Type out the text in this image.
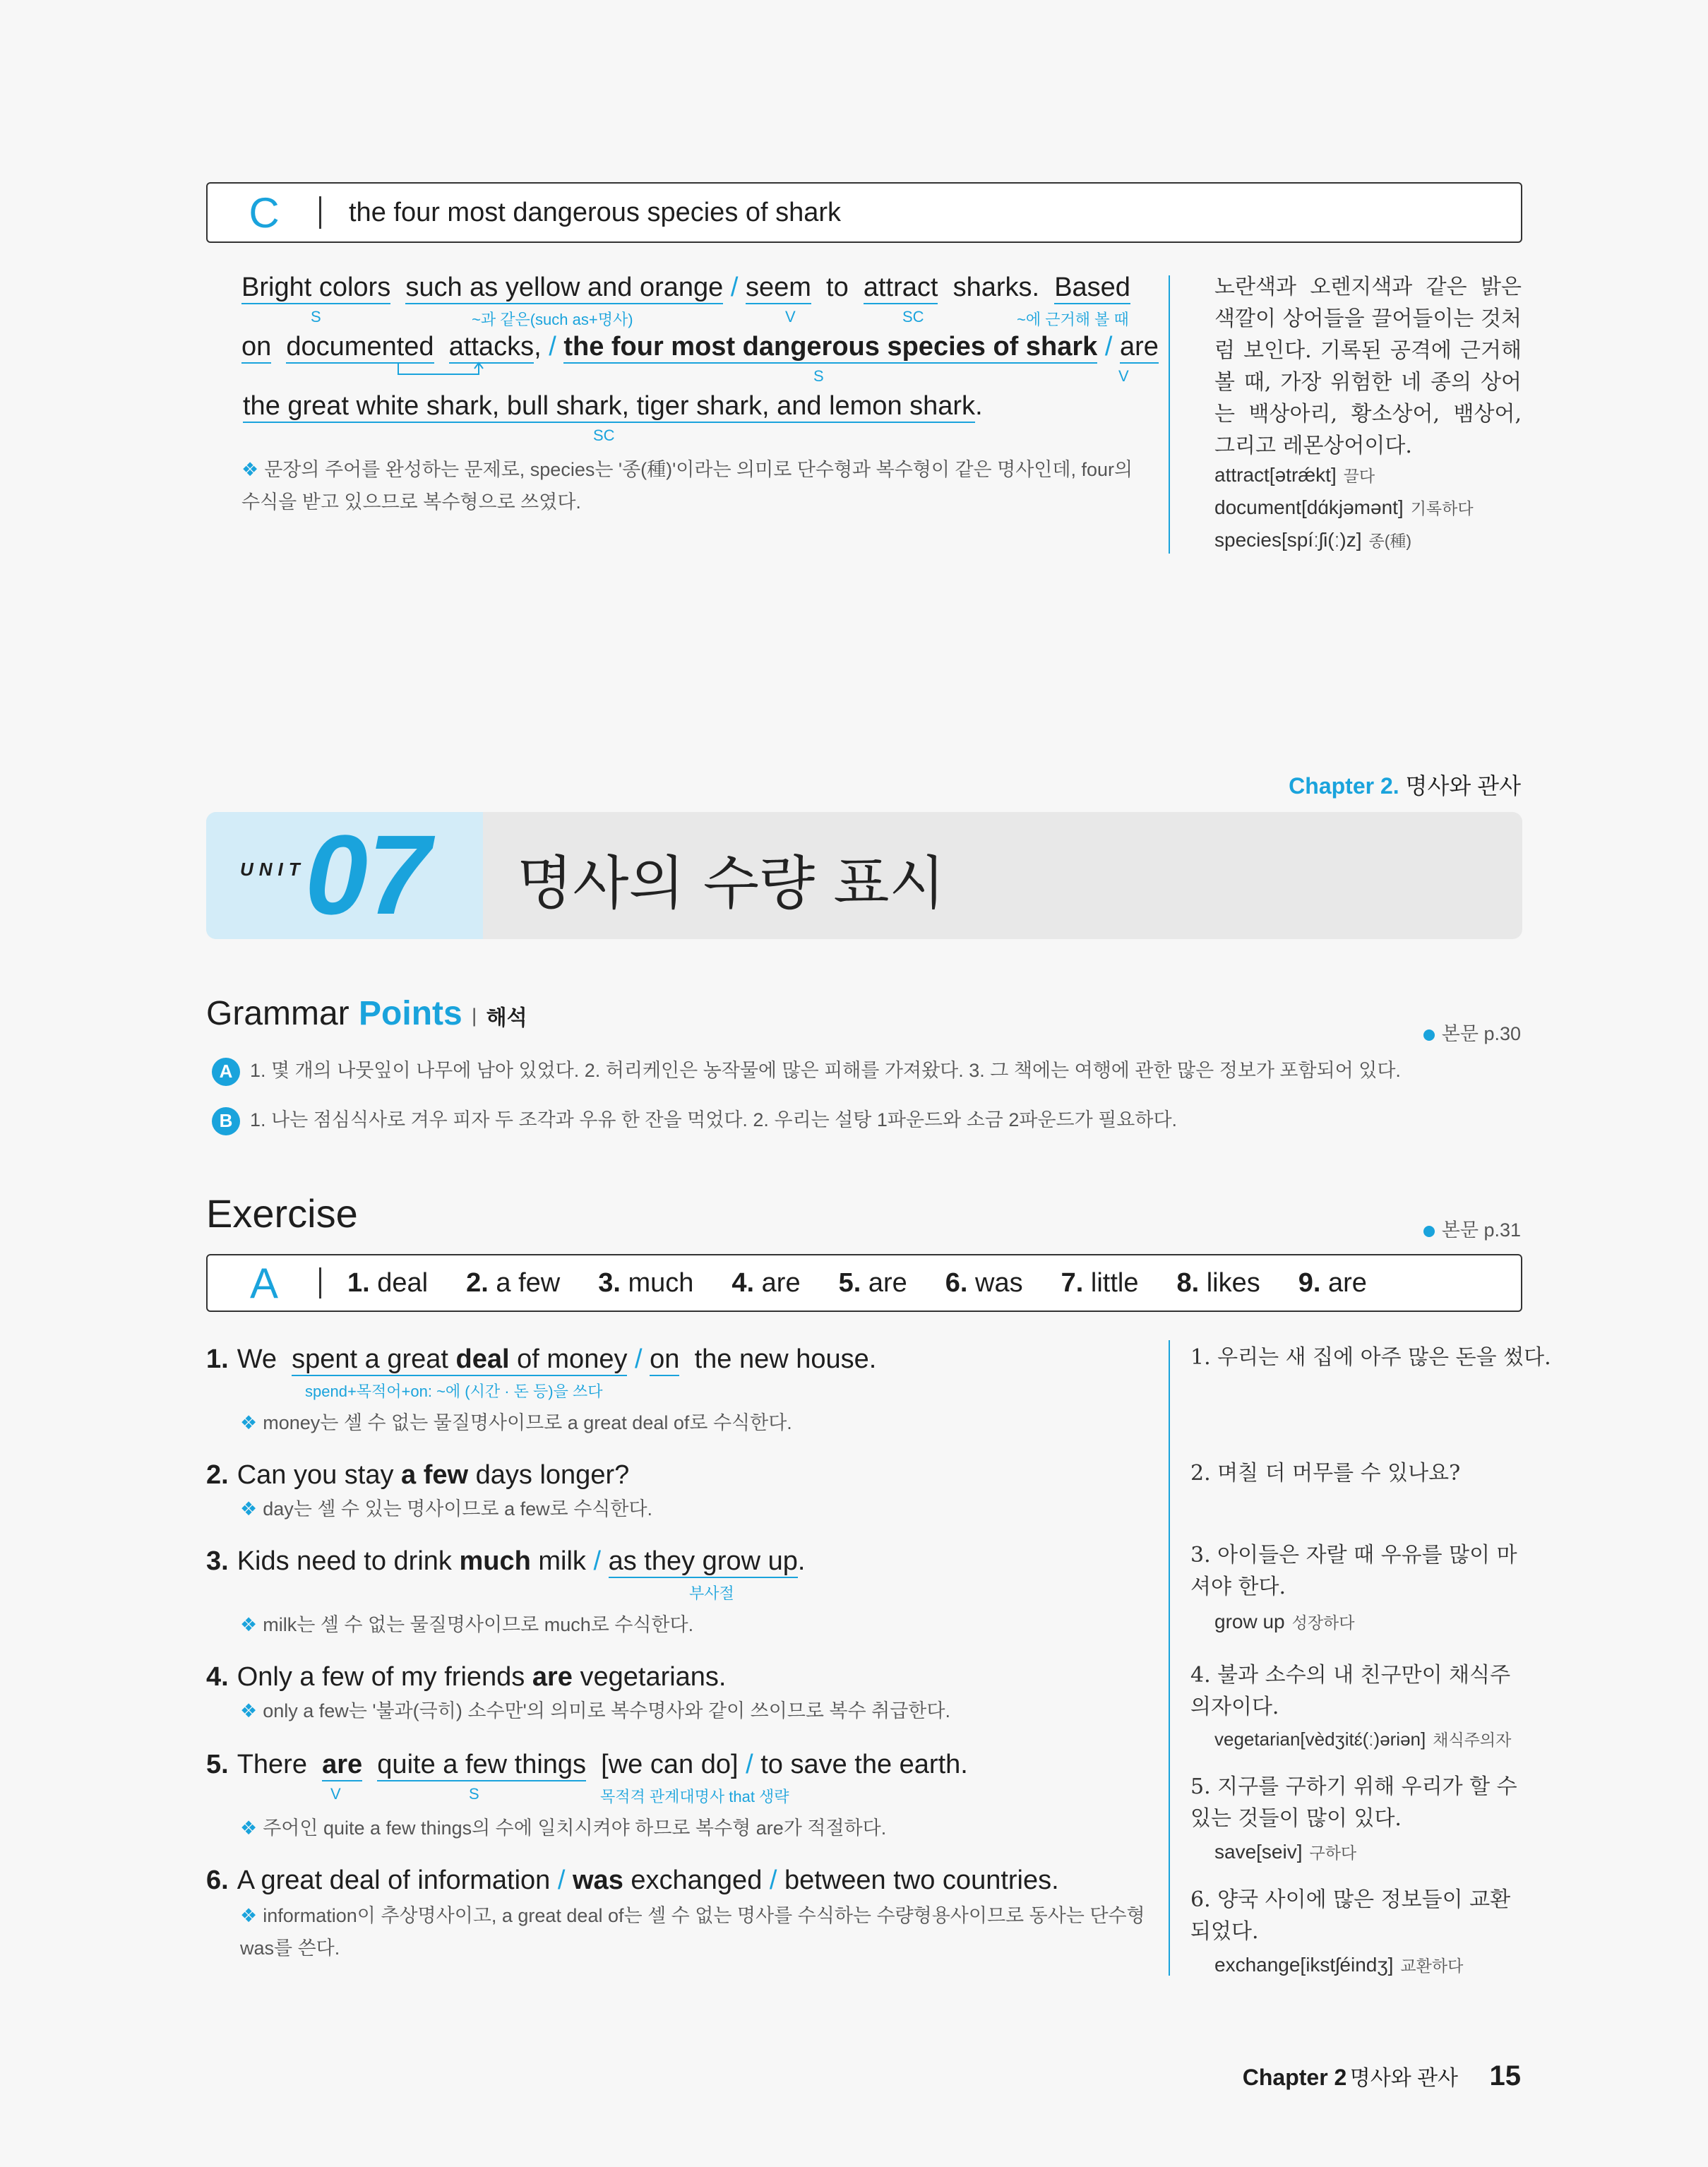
C	the four most dangerous species of shark
Bright colors such as yellow and orange / seem to attract sharks. Based
S	~과 같은(such as+명사)	V	SC	~에 근거해 볼 때
on documented attacks, / the four most dangerous species of shark / are
S	V
the great white shark, bull shark, tiger shark, and lemon shark.
SC
❖ 문장의 주어를 완성하는 문제로, species는 '종(種)'이라는 의미로 단수형과 복수형이 같은 명사인데, four의 수식을 받고 있으므로 복수형으로 쓰였다.
노란색과 오렌지색과 같은 밝은 색깔이 상어들을 끌어들이는 것처럼 보인다. 기록된 공격에 근거해 볼 때, 가장 위험한 네 종의 상어는 백상아리, 황소상어, 뱀상어, 그리고 레몬상어이다.
attract[ətrǽkt] 끌다
document[dɑ́kjəmənt] 기록하다
species[spíːʃi(ː)z] 종(種)
Chapter 2. 명사와 관사
UNIT 07 명사의 수량 표시
Grammar Points | 해석
본문 p.30
A 1. 몇 개의 나뭇잎이 나무에 남아 있었다. 2. 허리케인은 농작물에 많은 피해를 가져왔다. 3. 그 책에는 여행에 관한 많은 정보가 포함되어 있다.
B 1. 나는 점심식사로 겨우 피자 두 조각과 우유 한 잔을 먹었다. 2. 우리는 설탕 1파운드와 소금 2파운드가 필요하다.
Exercise	본문 p.31
A	1. deal 2. a few 3. much 4. are 5. are 6. was 7. little 8. likes 9. are
1. We spent a great deal of money / on the new house.
spend+목적어+on: ~에 (시간 · 돈 등)을 쓰다
❖ money는 셀 수 없는 물질명사이므로 a great deal of로 수식한다.
1. 우리는 새 집에 아주 많은 돈을 썼다.
2. Can you stay a few days longer?
❖ day는 셀 수 있는 명사이므로 a few로 수식한다.
2. 며칠 더 머무를 수 있나요?
3. Kids need to drink much milk / as they grow up.
부사절
❖ milk는 셀 수 없는 물질명사이므로 much로 수식한다.
3. 아이들은 자랄 때 우유를 많이 마셔야 한다.
grow up 성장하다
4. Only a few of my friends are vegetarians.
❖ only a few는 '불과(극히) 소수만'의 의미로 복수명사와 같이 쓰이므로 복수 취급한다.
4. 불과 소수의 내 친구만이 채식주의자이다.
vegetarian[vèdʒitɛ́(ː)əriən] 채식주의자
5. There are quite a few things [we can do] / to save the earth.
V	S	목적격 관계대명사 that 생략
❖ 주어인 quite a few things의 수에 일치시켜야 하므로 복수형 are가 적절하다.
5. 지구를 구하기 위해 우리가 할 수 있는 것들이 많이 있다.
save[seiv] 구하다
6. A great deal of information / was exchanged / between two countries.
❖ information이 추상명사이고, a great deal of는 셀 수 없는 명사를 수식하는 수량형용사이므로 동사는 단수형 was를 쓴다.
6. 양국 사이에 많은 정보들이 교환되었다.
exchange[ikstʃéindʒ] 교환하다
Chapter 2 명사와 관사 15
